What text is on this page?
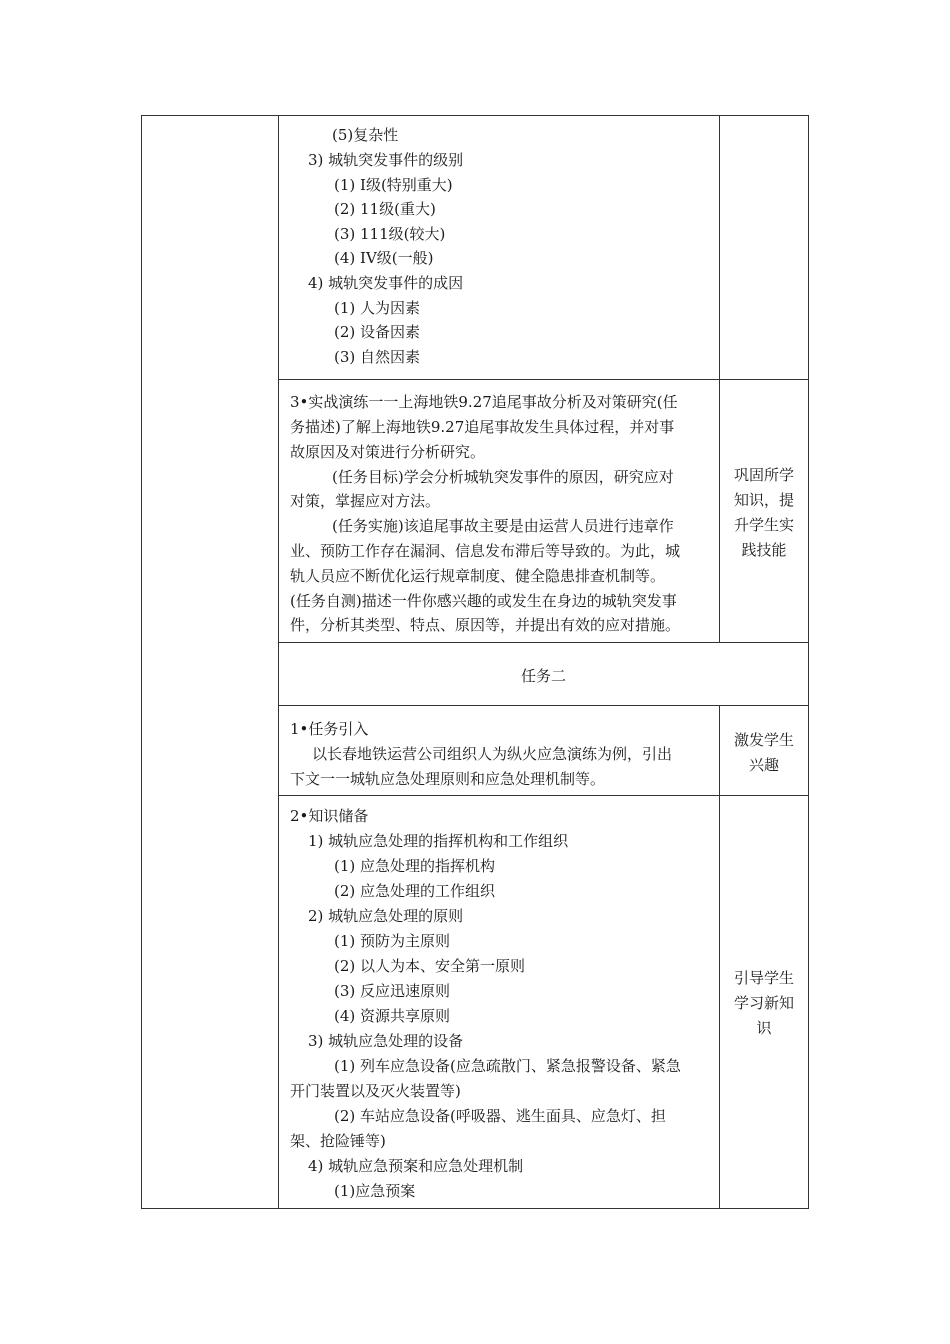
(5)复杂性
3) 城轨突发事件的级别
(1) Ⅰ级(特别重大)
(2) 11级(重大)
(3) 111级(较大)
(4) IV级(一般)
4) 城轨突发事件的成因
(1) 人为因素
(2) 设备因素
(3) 自然因素
3•实战演练一一上海地铁9.27追尾事故分析及对策研究(任
务描述)了解上海地铁9.27追尾事故发生具体过程，并对事
故原因及对策进行分析研究。
(任务目标)学会分析城轨突发事件的原因，研究应对
对策，掌握应对方法。
(任务实施)该追尾事故主要是由运营人员进行违章作
业、预防工作存在漏洞、信息发布滞后等导致的。为此，城
轨人员应不断优化运行规章制度、健全隐患排查机制等。
(任务自测)描述一件你感兴趣的或发生在身边的城轨突发事
件，分析其类型、特点、原因等，并提出有效的应对措施。
巩固所学
知识，提
升学生实
践技能
任务二
1•任务引入
以长春地铁运营公司组织人为纵火应急演练为例，引出
下文一一城轨应急处理原则和应急处理机制等。
激发学生
兴趣
2•知识储备
1) 城轨应急处理的指挥机构和工作组织
(1) 应急处理的指挥机构
(2) 应急处理的工作组织
2) 城轨应急处理的原则
(1) 预防为主原则
(2) 以人为本、安全第一原则
(3) 反应迅速原则
(4) 资源共享原则
3) 城轨应急处理的设备
(1) 列车应急设备(应急疏散门、紧急报警设备、紧急
开门装置以及灭火装置等)
(2) 车站应急设备(呼吸器、逃生面具、应急灯、担
架、抢险锤等)
4) 城轨应急预案和应急处理机制
(1)应急预案
引导学生
学习新知
识
